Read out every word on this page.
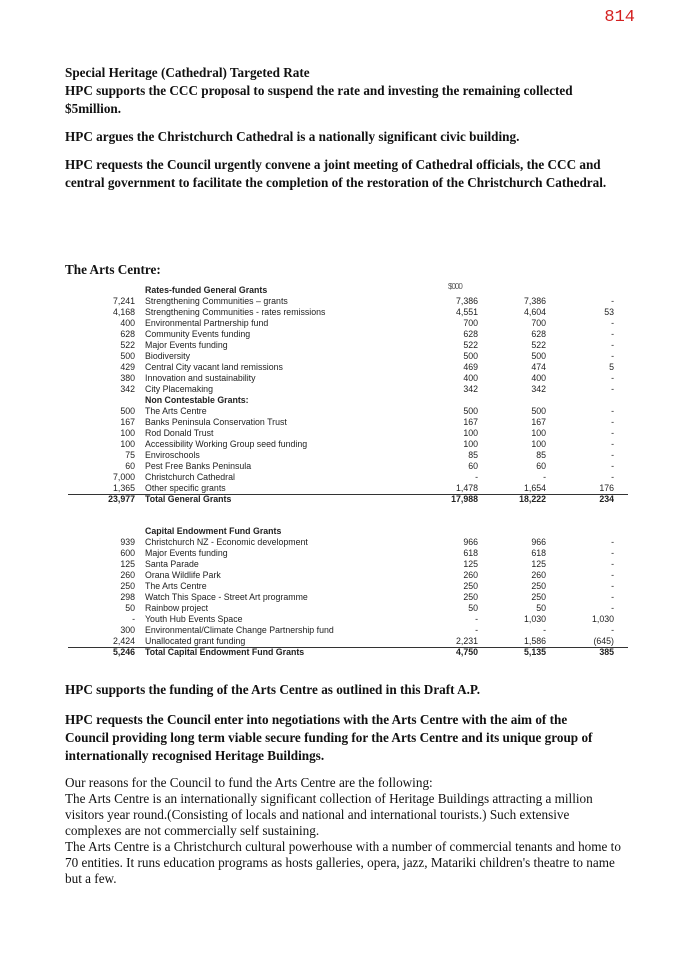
814

Special Heritage (Cathedral) Targeted Rate

HPC supports the CCC proposal to suspend the rate and investing the remaining collected $5million.

HPC argues the Christchurch Cathedral is a nationally significant civic building.

HPC requests the Council urgently convene a joint meeting of Cathedral officials, the CCC and central government to facilitate the completion of the restoration of the Christchurch Cathedral.

The Arts Centre:
$000
Rates-funded General Grants
7,241 Strengthening Communities – grants	7,386	7,386	-
4,168 Strengthening Communities - rates remissions	4,551	4,604	53
400 Environmental Partnership fund	700	700	-
628 Community Events funding	628	628	-
522 Major Events funding	522	522	-
500 Biodiversity	500	500	-
429 Central City vacant land remissions	469	474	5
380 Innovation and sustainability	400	400	-
342 City Placemaking	342	342	-
Non Contestable Grants:
500 The Arts Centre	500	500	-
167 Banks Peninsula Conservation Trust	167	167	-
100 Rod Donald Trust	100	100	-
100 Accessibility Working Group seed funding	100	100	-
75 Enviroschools	85	85	-
60 Pest Free Banks Peninsula	60	60	-
7,000 Christchurch Cathedral	-	-	-
1,365 Other specific grants	1,478	1,654	176
23,977 Total General Grants	17,988	18,222	234
Capital Endowment Fund Grants
939 Christchurch NZ - Economic development	966	966	-
600 Major Events funding	618	618	-
125 Santa Parade	125	125	-
260 Orana Wildlife Park	260	260	-
250 The Arts Centre	250	250	-
298 Watch This Space - Street Art programme	250	250	-
50 Rainbow project	50	50	-
- Youth Hub Events Space	-	1,030	1,030
300 Environmental/Climate Change Partnership fund	-	-	-
2,424 Unallocated grant funding	2,231	1,586	(645)
5,246 Total Capital Endowment Fund Grants	4,750	5,135	385

HPC supports the funding of the Arts Centre as outlined in this Draft A.P.

HPC requests the Council enter into negotiations with the Arts Centre with the aim of the Council providing long term viable secure funding for the Arts Centre and its unique group of internationally recognised Heritage Buildings.

Our reasons for the Council to fund the Arts Centre are the following:

The Arts Centre is an internationally significant collection of Heritage Buildings attracting a million visitors year round.(Consisting of locals and national and international tourists.) Such extensive complexes are not commercially self sustaining.

The Arts Centre is a Christchurch cultural powerhouse with a number of commercial tenants and home to 70 entities. It runs education programs as hosts galleries, opera, jazz, Matariki children's theatre to name but a few.
